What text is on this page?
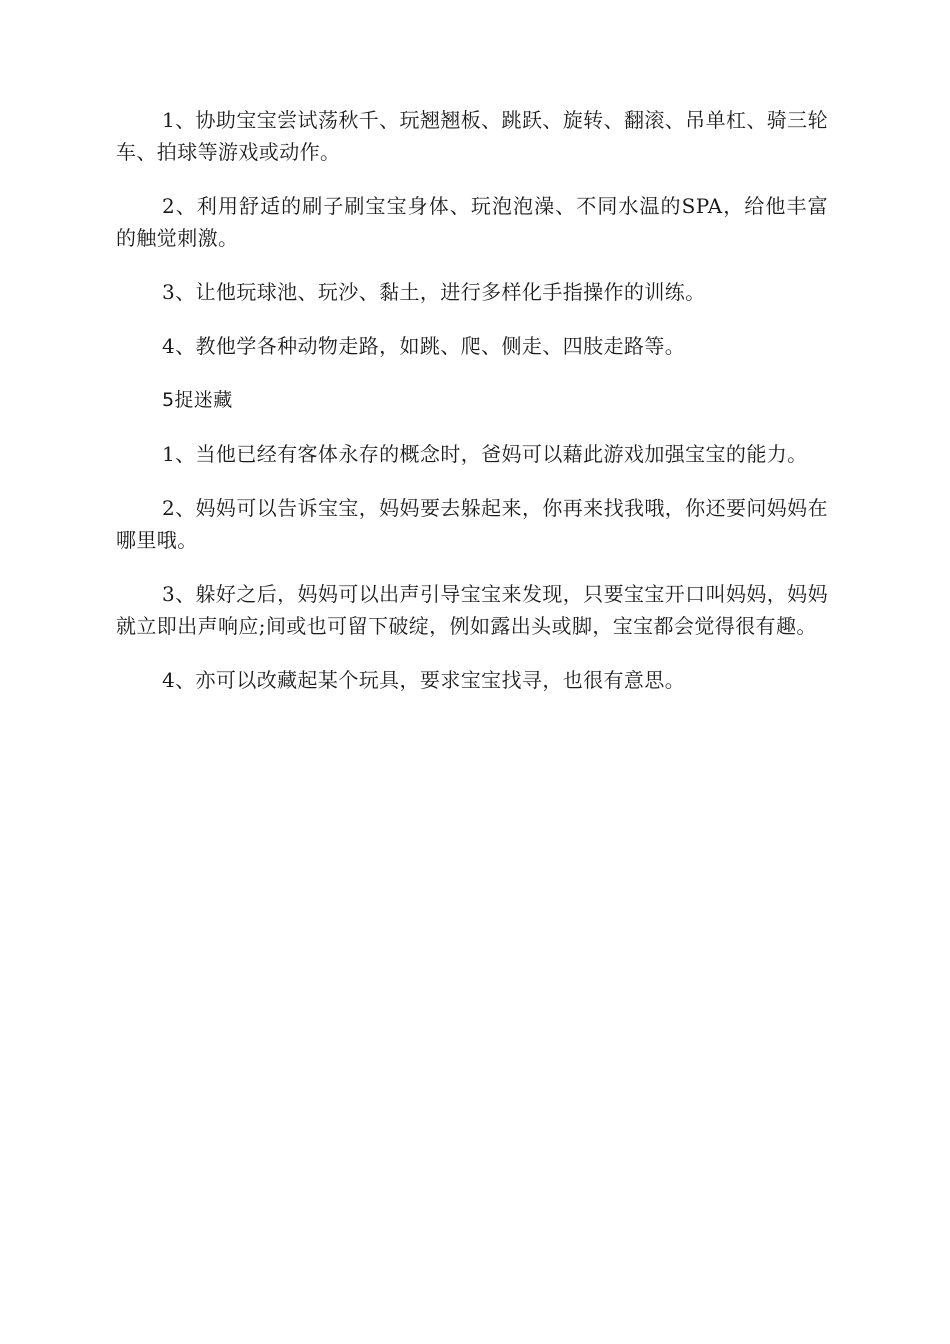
1、协助宝宝尝试荡秋千、玩翘翘板、跳跃、旋转、翻滚、吊单杠、骑三轮车、拍球等游戏或动作。

2、利用舒适的刷子刷宝宝身体、玩泡泡澡、不同水温的SPA，给他丰富的触觉刺激。

3、让他玩球池、玩沙、黏土，进行多样化手指操作的训练。

4、教他学各种动物走路，如跳、爬、侧走、四肢走路等。

5捉迷藏

1、当他已经有客体永存的概念时，爸妈可以藉此游戏加强宝宝的能力。

2、妈妈可以告诉宝宝，妈妈要去躲起来，你再来找我哦，你还要问妈妈在哪里哦。

3、躲好之后，妈妈可以出声引导宝宝来发现，只要宝宝开口叫妈妈，妈妈就立即出声响应;间或也可留下破绽，例如露出头或脚，宝宝都会觉得很有趣。

4、亦可以改藏起某个玩具，要求宝宝找寻，也很有意思。
